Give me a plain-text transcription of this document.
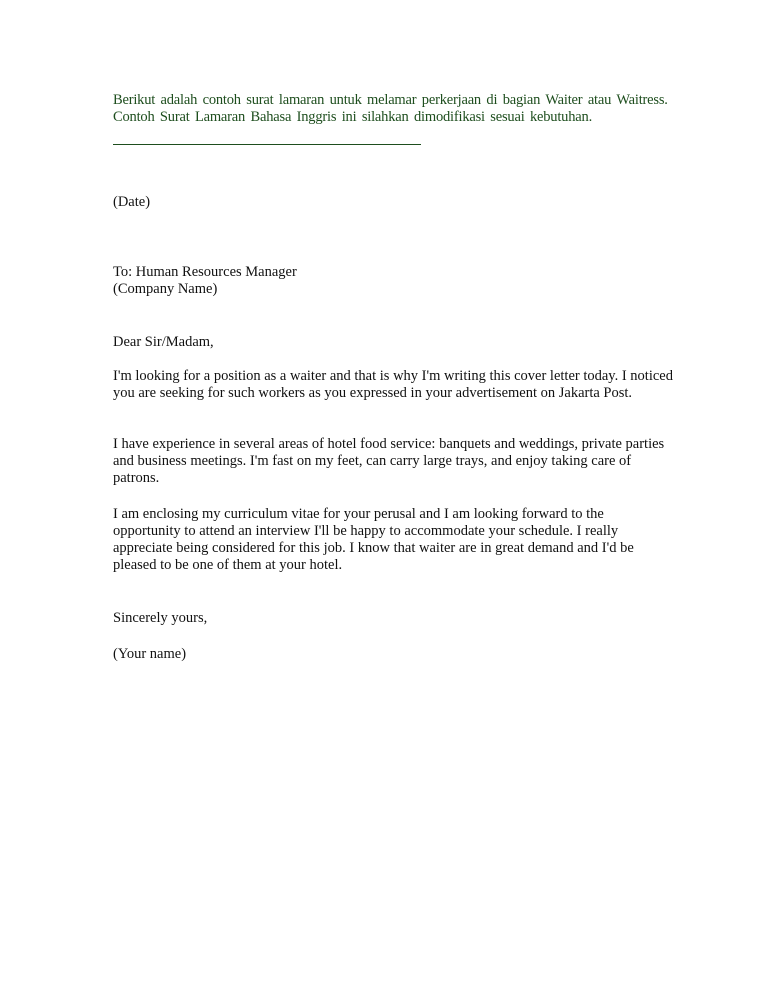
Berikut adalah contoh surat lamaran untuk melamar perkerjaan di bagian Waiter atau Waitress. Contoh Surat Lamaran Bahasa Inggris ini silahkan dimodifikasi sesuai kebutuhan.
(Date)
To: Human Resources Manager
(Company Name)
Dear Sir/Madam,
I'm looking for a position as a waiter and that is why I'm writing this cover letter today. I noticed you are seeking for such workers as you expressed in your advertisement on Jakarta Post.
I have experience in several areas of hotel food service: banquets and weddings, private parties and business meetings. I'm fast on my feet, can carry large trays, and enjoy taking care of patrons.
I am enclosing my curriculum vitae for your perusal and I am looking forward to the opportunity to attend an interview I'll be happy to accommodate your schedule. I really appreciate being considered for this job. I know that waiter are in great demand and I'd be pleased to be one of them at your hotel.
Sincerely yours,
(Your name)
